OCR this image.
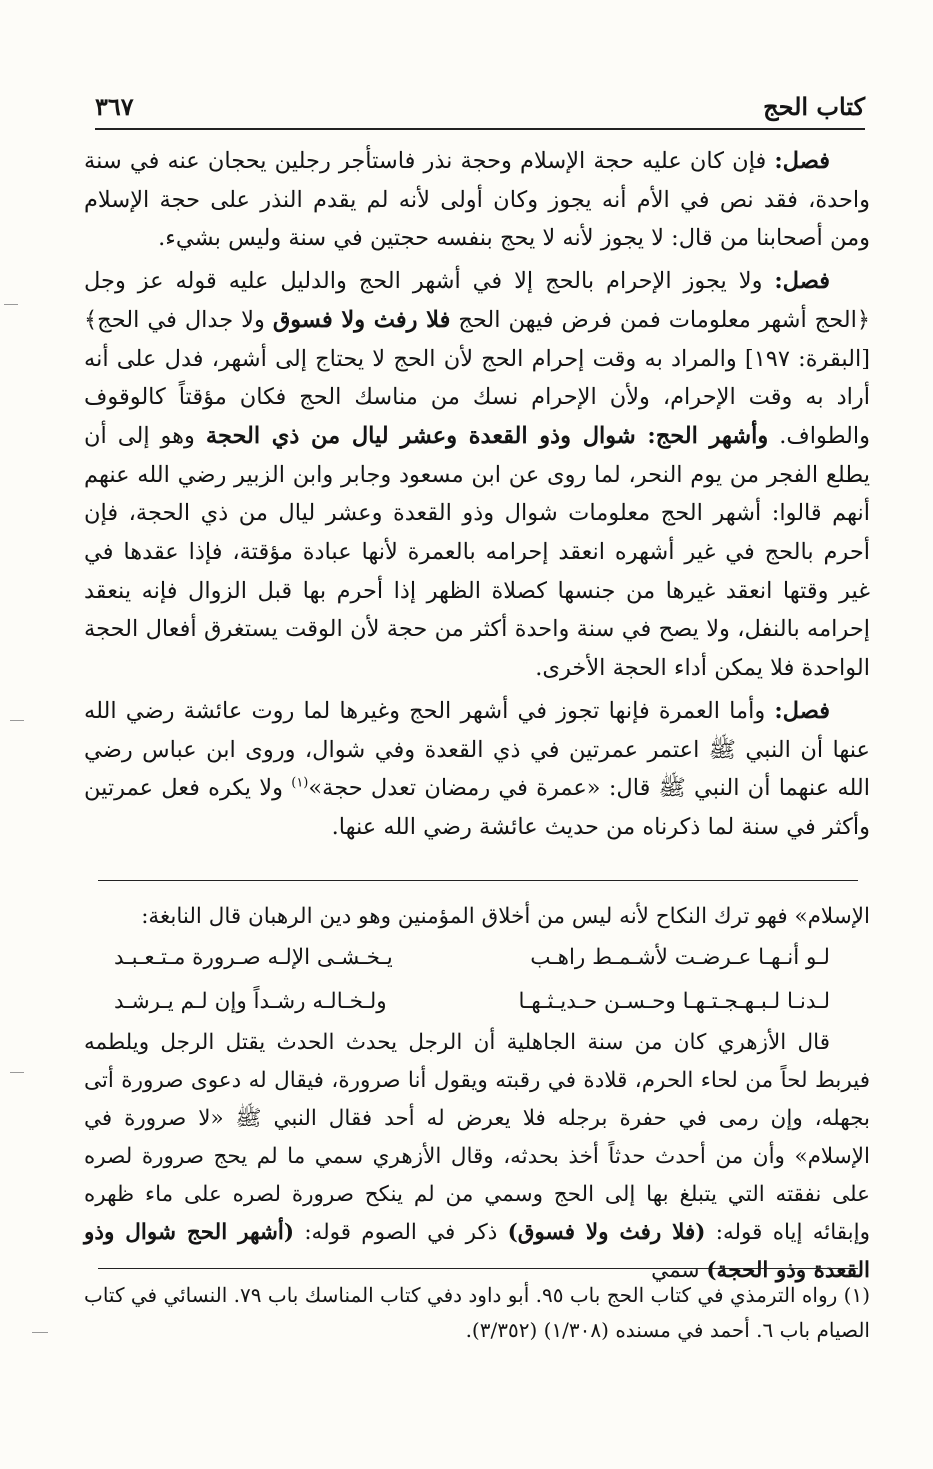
كتاب الحج
٣٦٧

فصل: فإن كان عليه حجة الإسلام وحجة نذر فاستأجر رجلين يحجان عنه في سنة واحدة، فقد نص في الأم أنه يجوز وكان أولى لأنه لم يقدم النذر على حجة الإسلام ومن أصحابنا من قال: لا يجوز لأنه لا يحج بنفسه حجتين في سنة وليس بشيء.

فصل: ولا يجوز الإحرام بالحج إلا في أشهر الحج والدليل عليه قوله عز وجل ﴿الحج أشهر معلومات فمن فرض فيهن الحج فلا رفث ولا فسوق ولا جدال في الحج﴾ [البقرة: ١٩٧] والمراد به وقت إحرام الحج لأن الحج لا يحتاج إلى أشهر، فدل على أنه أراد به وقت الإحرام، ولأن الإحرام نسك من مناسك الحج فكان مؤقتاً كالوقوف والطواف. وأشهر الحج: شوال وذو القعدة وعشر ليال من ذي الحجة وهو إلى أن يطلع الفجر من يوم النحر، لما روى عن ابن مسعود وجابر وابن الزبير رضي الله عنهم أنهم قالوا: أشهر الحج معلومات شوال وذو القعدة وعشر ليال من ذي الحجة، فإن أحرم بالحج في غير أشهره انعقد إحرامه بالعمرة لأنها عبادة مؤقتة، فإذا عقدها في غير وقتها انعقد غيرها من جنسها كصلاة الظهر إذا أحرم بها قبل الزوال فإنه ينعقد إحرامه بالنفل، ولا يصح في سنة واحدة أكثر من حجة لأن الوقت يستغرق أفعال الحجة الواحدة فلا يمكن أداء الحجة الأخرى.

فصل: وأما العمرة فإنها تجوز في أشهر الحج وغيرها لما روت عائشة رضي الله عنها أن النبي ﷺ اعتمر عمرتين في ذي القعدة وفي شوال، وروى ابن عباس رضي الله عنهما أن النبي ﷺ قال: «عمرة في رمضان تعدل حجة»$^{(١)}$ ولا يكره فعل عمرتين وأكثر في سنة لما ذكرناه من حديث عائشة رضي الله عنها.

الإسلام» فهو ترك النكاح لأنه ليس من أخلاق المؤمنين وهو دين الرهبان قال النابغة:

لـو أنـهـا عـرضـت لأشـمـط راهـب
يـخـشـى الإلـه صـرورة مـتـعـبـد
لـدنـا لـبـهـجـتـهـا وحـسـن حـديـثـهـا
ولـخـالـه رشـداً وإن لـم يـرشـد

قال الأزهري كان من سنة الجاهلية أن الرجل يحدث الحدث يقتل الرجل ويلطمه فيربط لحاً من لحاء الحرم، قلادة في رقبته ويقول أنا صرورة، فيقال له دعوى صرورة أتى بجهله، وإن رمى في حفرة برجله فلا يعرض له أحد فقال النبي ﷺ «لا صرورة في الإسلام» وأن من أحدث حدثاً أخذ بحدثه، وقال الأزهري سمي ما لم يحج صرورة لصره على نفقته التي يتبلغ بها إلى الحج وسمي من لم ينكح صرورة لصره على ماء ظهره وإبقائه إياه قوله: (فلا رفث ولا فسوق) ذكر في الصوم قوله: (أشهر الحج شوال وذو القعدة وذو الحجة) سمي

(١) رواه الترمذي في كتاب الحج باب ٩٥. أبو داود دفي كتاب المناسك باب ٧٩. النسائي في كتاب الصيام باب ٦. أحمد في مسنده (١/٣٠٨) (٣/٣٥٢).
